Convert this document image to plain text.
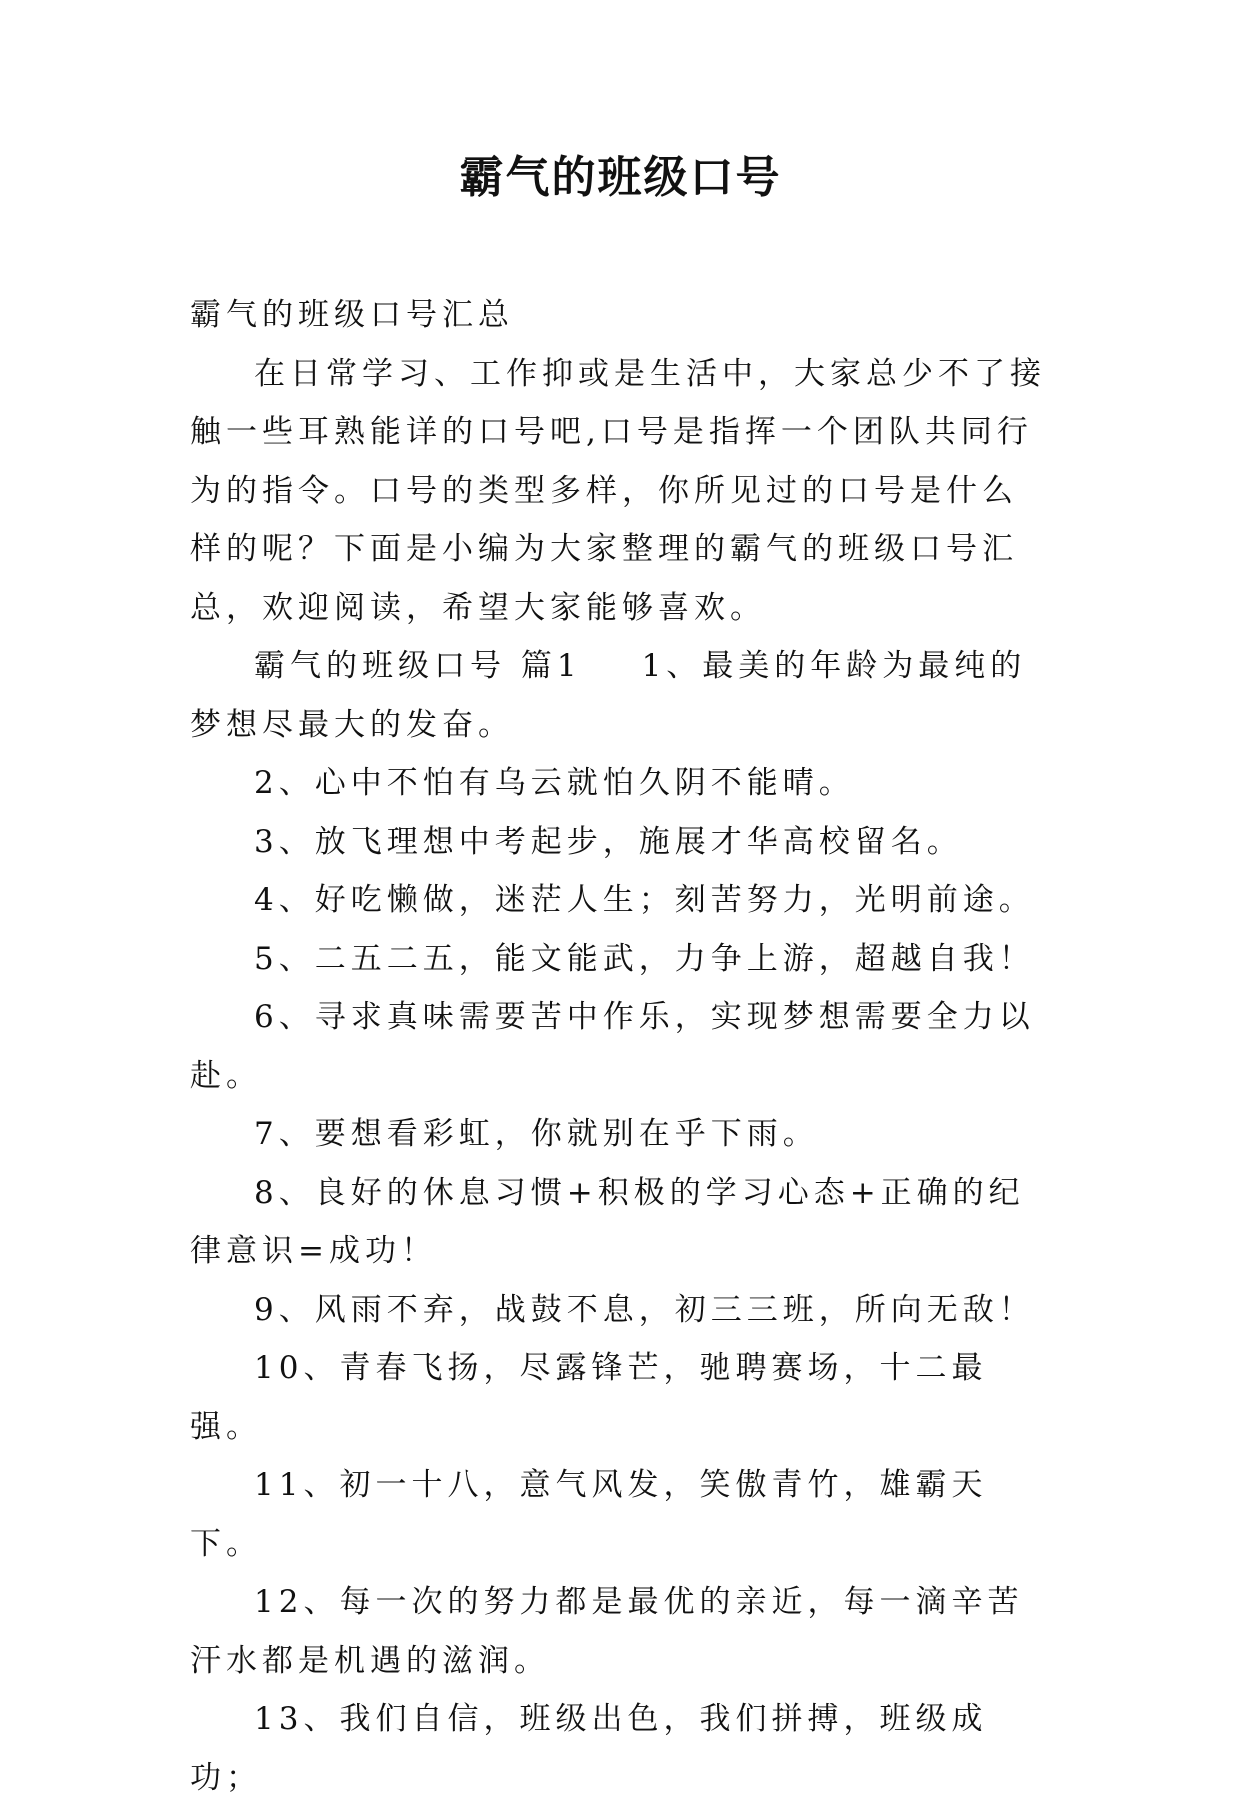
霸气的班级口号

霸气的班级口号汇总

在日常学习、工作抑或是生活中，大家总少不了接触一些耳熟能详的口号吧,口号是指挥一个团队共同行为的指令。口号的类型多样，你所见过的口号是什么样的呢？下面是小编为大家整理的霸气的班级口号汇总，欢迎阅读，希望大家能够喜欢。

霸气的班级口号 篇1 1、最美的年龄为最纯的梦想尽最大的发奋。

2、心中不怕有乌云就怕久阴不能晴。

3、放飞理想中考起步，施展才华高校留名。

4、好吃懒做，迷茫人生；刻苦努力，光明前途。

5、二五二五，能文能武，力争上游，超越自我！

6、寻求真味需要苦中作乐，实现梦想需要全力以赴。

7、要想看彩虹，你就别在乎下雨。

8、良好的休息习惯+积极的学习心态+正确的纪律意识=成功！

9、风雨不弃，战鼓不息，初三三班，所向无敌！

10、青春飞扬，尽露锋芒，驰聘赛场，十二最强。

11、初一十八，意气风发，笑傲青竹，雄霸天下。

12、每一次的努力都是最优的亲近，每一滴辛苦汗水都是机遇的滋润。

13、我们自信，班级出色，我们拼搏，班级成功；
